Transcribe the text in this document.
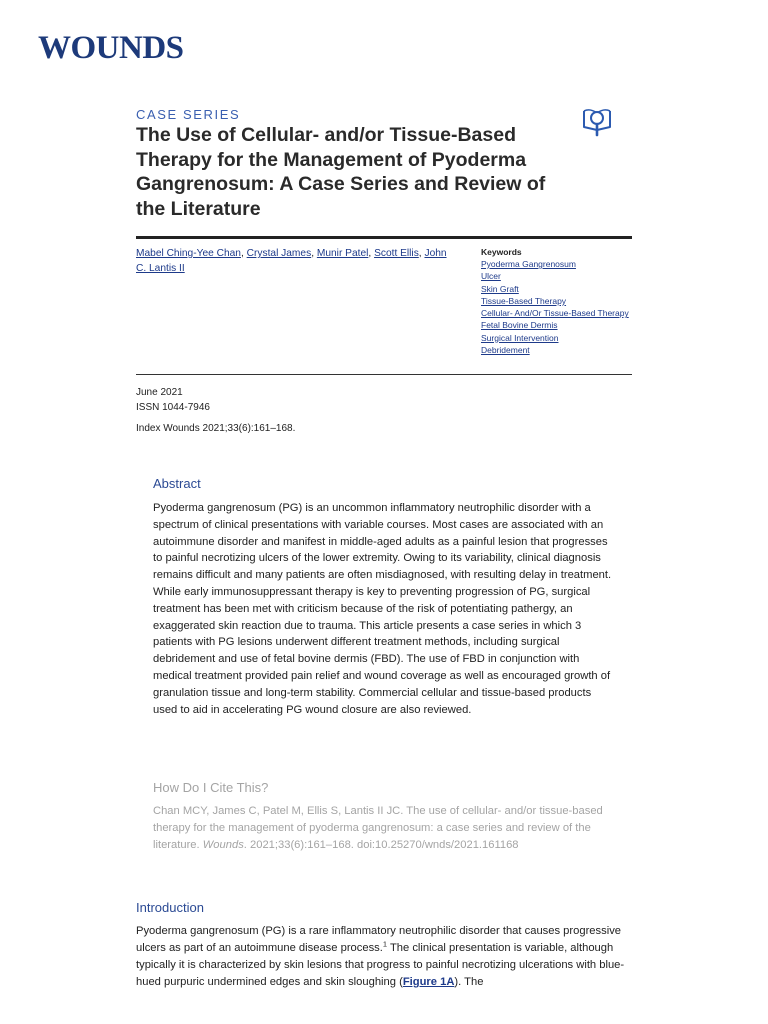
WOUNDS
CASE SERIES
The Use of Cellular- and/or Tissue-Based Therapy for the Management of Pyoderma Gangrenosum: A Case Series and Review of the Literature
Mabel Ching-Yee Chan, Crystal James, Munir Patel, Scott Ellis, John C. Lantis II
Keywords
Pyoderma Gangrenosum
Ulcer
Skin Graft
Tissue-Based Therapy
Cellular- And/Or Tissue-Based Therapy
Fetal Bovine Dermis
Surgical Intervention
Debridement
June 2021
ISSN 1044-7946
Index Wounds 2021;33(6):161–168.
Abstract

Pyoderma gangrenosum (PG) is an uncommon inflammatory neutrophilic disorder with a spectrum of clinical presentations with variable courses. Most cases are associated with an autoimmune disorder and manifest in middle-aged adults as a painful lesion that progresses to painful necrotizing ulcers of the lower extremity. Owing to its variability, clinical diagnosis remains difficult and many patients are often misdiagnosed, with resulting delay in treatment. While early immunosuppressant therapy is key to preventing progression of PG, surgical treatment has been met with criticism because of the risk of potentiating pathergy, an exaggerated skin reaction due to trauma. This article presents a case series in which 3 patients with PG lesions underwent different treatment methods, including surgical debridement and use of fetal bovine dermis (FBD). The use of FBD in conjunction with medical treatment provided pain relief and wound coverage as well as encouraged growth of granulation tissue and long-term stability. Commercial cellular and tissue-based products used to aid in accelerating PG wound closure are also reviewed.

How Do I Cite This?

Chan MCY, James C, Patel M, Ellis S, Lantis II JC. The use of cellular- and/or tissue-based therapy for the management of pyoderma gangrenosum: a case series and review of the literature. Wounds. 2021;33(6):161–168. doi:10.25270/wnds/2021.161168

Introduction

Pyoderma gangrenosum (PG) is a rare inflammatory neutrophilic disorder that causes progressive ulcers as part of an autoimmune disease process.$^1$ The clinical presentation is variable, although typically it is characterized by skin lesions that progress to painful necrotizing ulcerations with blue-hued purpuric undermined edges and skin sloughing (Figure 1A). The
